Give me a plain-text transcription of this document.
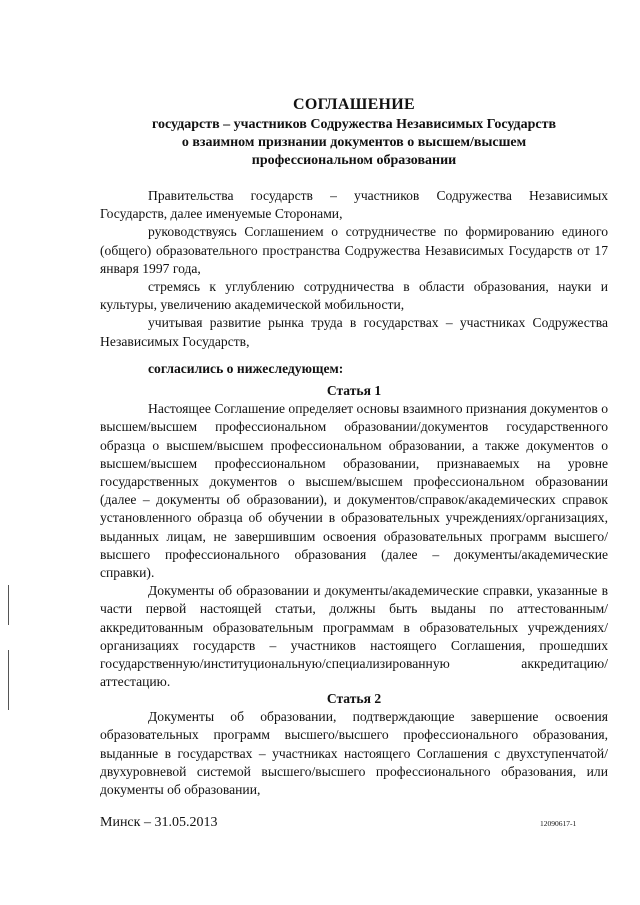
СОГЛАШЕНИЕ
государств – участников Содружества Независимых Государств
о взаимном признании документов о высшем/высшем
профессиональном образовании

Правительства государств – участников Содружества Независимых Государств, далее именуемые Сторонами,

руководствуясь Соглашением о сотрудничестве по формированию единого (общего) образовательного пространства Содружества Независимых Государств от 17 января 1997 года,

стремясь к углублению сотрудничества в области образования, науки и культуры, увеличению академической мобильности,

учитывая развитие рынка труда в государствах – участниках Содружества Независимых Государств,

согласились о нижеследующем:

Статья 1

Настоящее Соглашение определяет основы взаимного признания документов о высшем/высшем профессиональном образовании/документов государственного образца о высшем/высшем профессиональном образовании, а также документов о высшем/высшем профессиональном образовании, признаваемых на уровне государственных документов о высшем/высшем профессиональном образовании (далее – документы об образовании), и документов/справок/академических справок установленного образца об обучении в образовательных учреждениях/организациях, выданных лицам, не завершившим освоения образовательных программ высшего/высшего профессионального образования (далее – документы/академические справки).

Документы об образовании и документы/академические справки, указанные в части первой настоящей статьи, должны быть выданы по аттестованным/аккредитованным образовательным программам в образовательных учреждениях/организациях государств – участников настоящего Соглашения, прошедших государственную/институциональную/специализированную аккредитацию/аттестацию.

Статья 2

Документы об образовании, подтверждающие завершение освоения образовательных программ высшего/высшего профессионального образования, выданные в государствах – участниках настоящего Соглашения с двухступенчатой/двухуровневой системой высшего/высшего профессионального образования, или документы об образовании,

Минск – 31.05.2013	12090617-1
